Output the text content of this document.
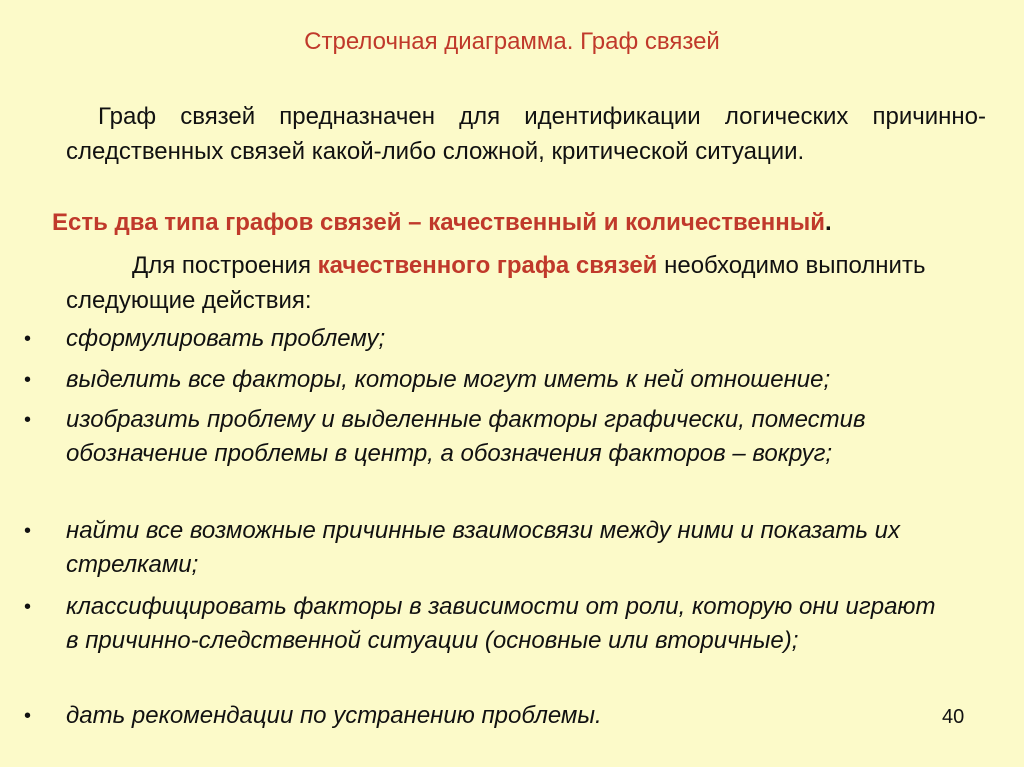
Стрелочная диаграмма. Граф связей
Граф связей предназначен для идентификации логических причинно-следственных связей какой-либо сложной, критической ситуации.
Есть два типа графов связей – качественный и количественный.
Для построения качественного графа связей необходимо выполнить следующие действия:
• сформулировать проблему;
• выделить все факторы, которые могут иметь к ней отношение;
• изобразить проблему и выделенные факторы графически, поместив обозначение проблемы в центр, а обозначения факторов – вокруг;
• найти все возможные причинные взаимосвязи между ними и показать их стрелками;
• классифицировать факторы в зависимости от роли, которую они играют в причинно-следственной ситуации (основные или вторичные);
• дать рекомендации по устранению проблемы.	40
